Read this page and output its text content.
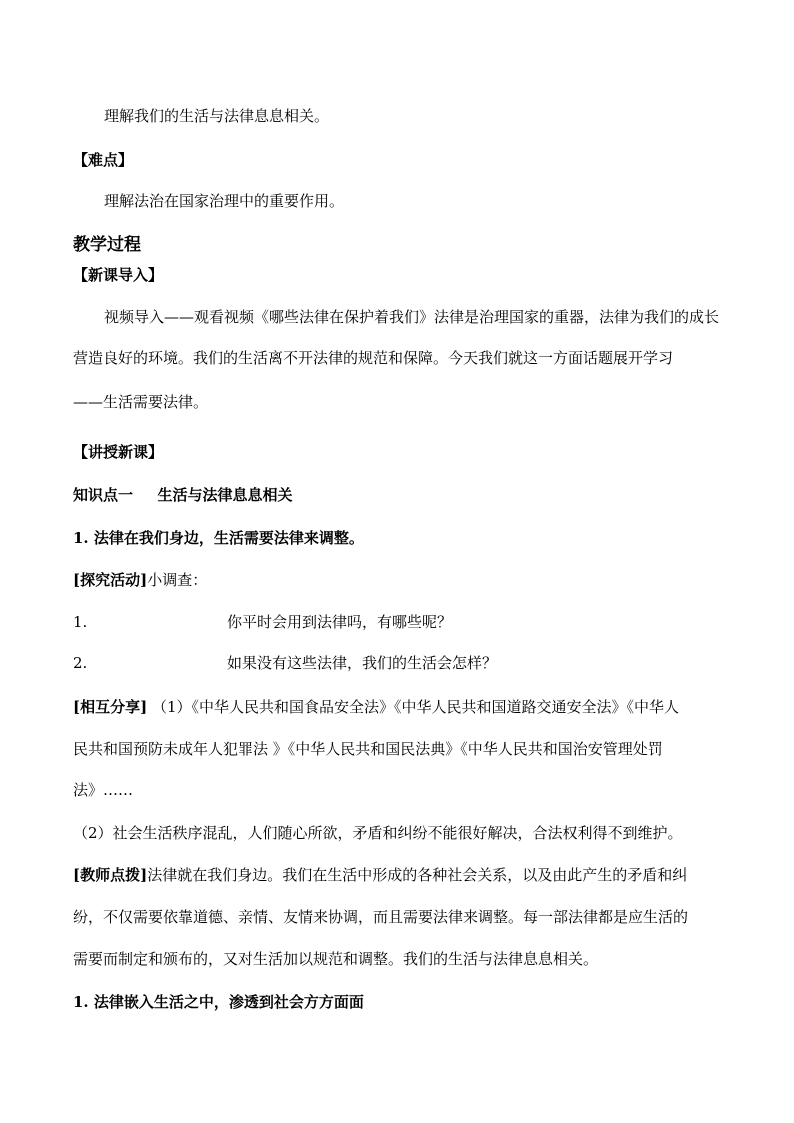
理解我们的生活与法律息息相关。
【难点】
理解法治在国家治理中的重要作用。
教学过程
【新课导入】
视频导入——观看视频《哪些法律在保护着我们》法律是治理国家的重器，法律为我们的成长
营造良好的环境。我们的生活离不开法律的规范和保障。今天我们就这一方面话题展开学习
——生活需要法律。
【讲授新课】
知识点一 生活与法律息息相关
1. 法律在我们身边，生活需要法律来调整。
[探究活动]小调查：
1.	你平时会用到法律吗，有哪些呢？
2.	如果没有这些法律，我们的生活会怎样？
[相互分享] （1）《中华人民共和国食品安全法》《中华人民共和国道路交通安全法》《中华人
民共和国预防未成年人犯罪法 》《中华人民共和国民法典》《中华人民共和国治安管理处罚
法》……
（2）社会生活秩序混乱，人们随心所欲，矛盾和纠纷不能很好解决，合法权利得不到维护。
[教师点拨]法律就在我们身边。我们在生活中形成的各种社会关系，以及由此产生的矛盾和纠
纷，不仅需要依靠道德、亲情、友情来协调，而且需要法律来调整。每一部法律都是应生活的
需要而制定和颁布的，又对生活加以规范和调整。我们的生活与法律息息相关。
1. 法律嵌入生活之中，渗透到社会方方面面
